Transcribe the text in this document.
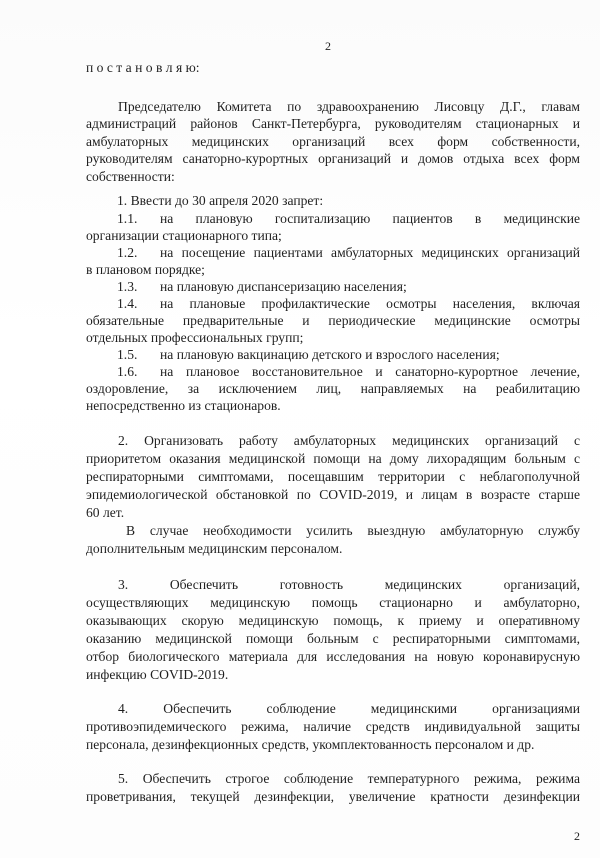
2
п о с т а н о в л я ю:
Председателю Комитета по здравоохранению Лисовцу Д.Г., главам
администраций районов Санкт-Петербурга, руководителям стационарных и
амбулаторных медицинских организаций всех форм собственности,
руководителям санаторно-курортных организаций и домов отдыха всех форм
собственности:
1. Ввести до 30 апреля 2020 запрет:
1.1. на плановую госпитализацию пациентов в медицинские
организации стационарного типа;
1.2. на посещение пациентами амбулаторных медицинских организаций
в плановом порядке;
1.3. на плановую диспансеризацию населения;
1.4. на плановые профилактические осмотры населения, включая
обязательные предварительные и периодические медицинские осмотры
отдельных профессиональных групп;
1.5. на плановую вакцинацию детского и взрослого населения;
1.6. на плановое восстановительное и санаторно-курортное лечение,
оздоровление, за исключением лиц, направляемых на реабилитацию
непосредственно из стационаров.
2. Организовать работу амбулаторных медицинских организаций с
приоритетом оказания медицинской помощи на дому лихорадящим больным с
респираторными симптомами, посещавшим территории с неблагополучной
эпидемиологической обстановкой по COVID-2019, и лицам в возрасте старше
60 лет.
В случае необходимости усилить выездную амбулаторную службу
дополнительным медицинским персоналом.
3. Обеспечить готовность медицинских организаций,
осуществляющих медицинскую помощь стационарно и амбулаторно,
оказывающих скорую медицинскую помощь, к приему и оперативному
оказанию медицинской помощи больным с респираторными симптомами,
отбор биологического материала для исследования на новую коронавирусную
инфекцию COVID-2019.
4. Обеспечить соблюдение медицинскими организациями
противоэпидемического режима, наличие средств индивидуальной защиты
персонала, дезинфекционных средств, укомплектованность персоналом и др.
5. Обеспечить строгое соблюдение температурного режима, режима
проветривания, текущей дезинфекции, увеличение кратности дезинфекции
2
